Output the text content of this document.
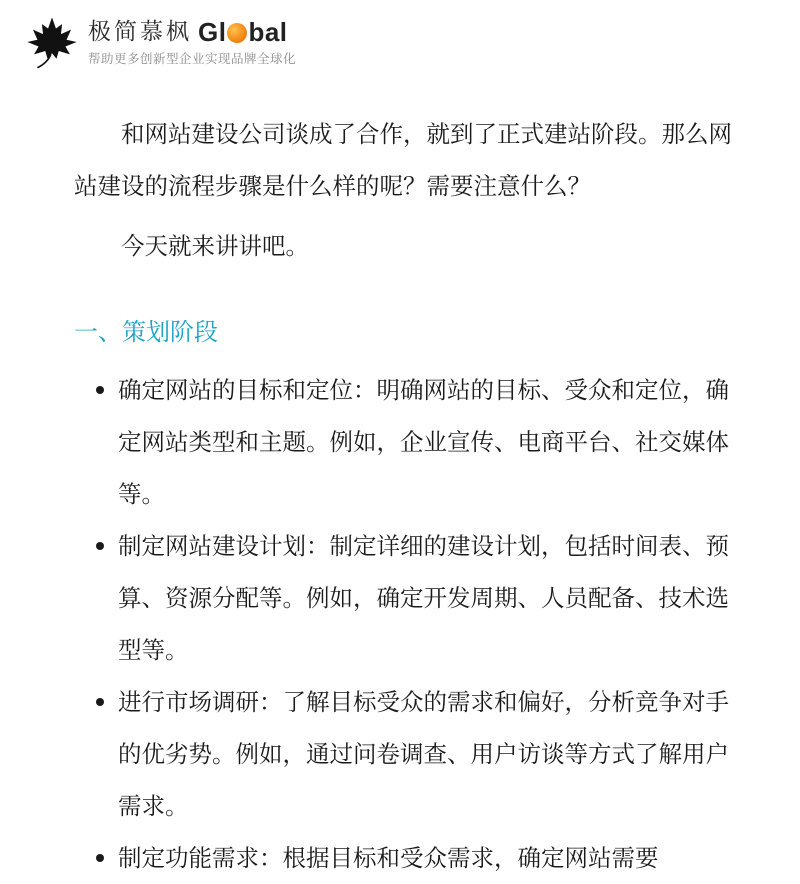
极简慕枫 Gl bal
帮助更多创新型企业实现品牌全球化

和网站建设公司谈成了合作，就到了正式建站阶段。那么网站建设的流程步骤是什么样的呢？需要注意什么？

今天就来讲讲吧。

一、策划阶段
确定网站的目标和定位：明确网站的目标、受众和定位，确定网站类型和主题。例如，企业宣传、电商平台、社交媒体等。
制定网站建设计划：制定详细的建设计划，包括时间表、预算、资源分配等。例如，确定开发周期、人员配备、技术选型等。
进行市场调研：了解目标受众的需求和偏好，分析竞争对手的优劣势。例如，通过问卷调查、用户访谈等方式了解用户需求。
制定功能需求：根据目标和受众需求，确定网站需要
